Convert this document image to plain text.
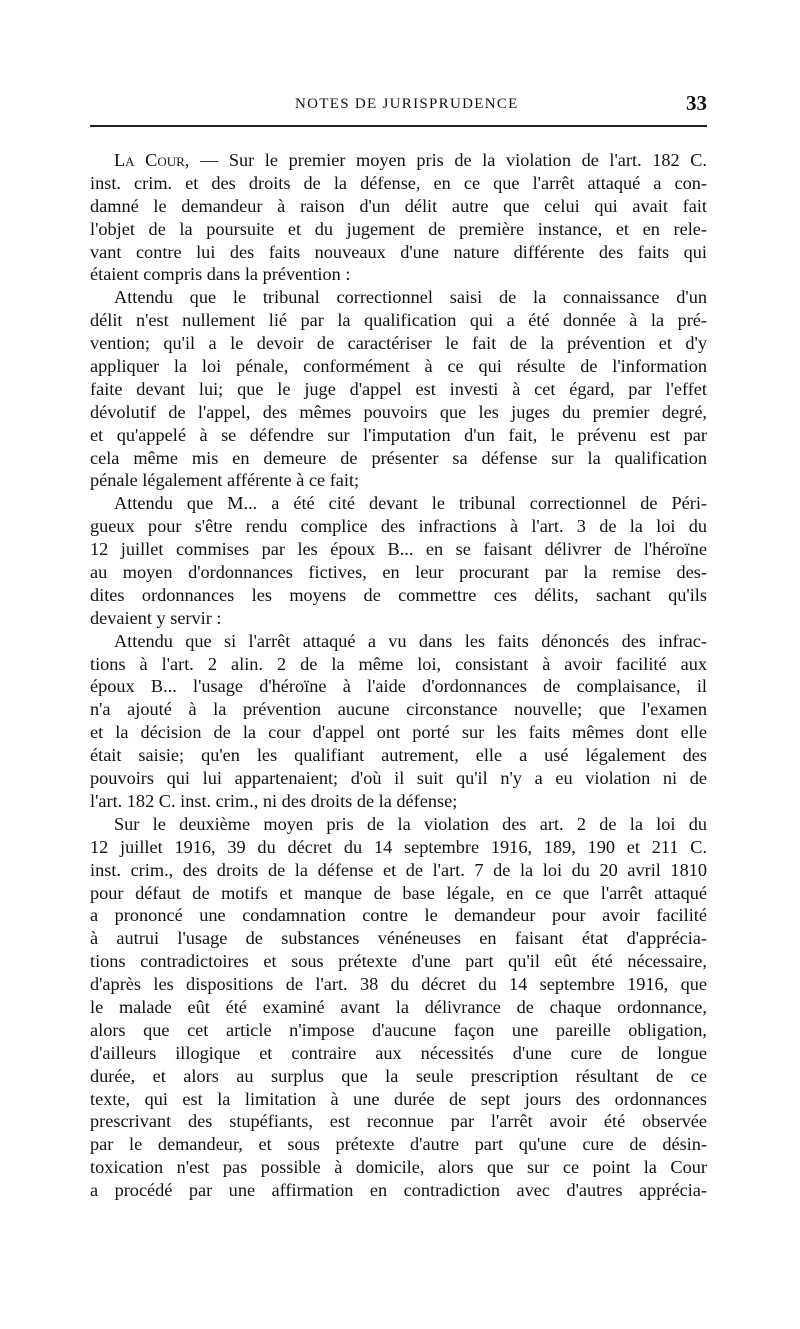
NOTES DE JURISPRUDENCE	33
La Cour, — Sur le premier moyen pris de la violation de l'art. 182 C.
inst. crim. et des droits de la défense, en ce que l'arrêt attaqué a con-
damné le demandeur à raison d'un délit autre que celui qui avait fait
l'objet de la poursuite et du jugement de première instance, et en rele-
vant contre lui des faits nouveaux d'une nature différente des faits qui
étaient compris dans la prévention :
Attendu que le tribunal correctionnel saisi de la connaissance d'un
délit n'est nullement lié par la qualification qui a été donnée à la pré-
vention; qu'il a le devoir de caractériser le fait de la prévention et d'y
appliquer la loi pénale, conformément à ce qui résulte de l'information
faite devant lui; que le juge d'appel est investi à cet égard, par l'effet
dévolutif de l'appel, des mêmes pouvoirs que les juges du premier degré,
et qu'appelé à se défendre sur l'imputation d'un fait, le prévenu est par
cela même mis en demeure de présenter sa défense sur la qualification
pénale légalement afférente à ce fait;
Attendu que M... a été cité devant le tribunal correctionnel de Péri-
gueux pour s'être rendu complice des infractions à l'art. 3 de la loi du
12 juillet commises par les époux B... en se faisant délivrer de l'héroïne
au moyen d'ordonnances fictives, en leur procurant par la remise des-
dites ordonnances les moyens de commettre ces délits, sachant qu'ils
devaient y servir :
Attendu que si l'arrêt attaqué a vu dans les faits dénoncés des infrac-
tions à l'art. 2 alin. 2 de la même loi, consistant à avoir facilité aux
époux B... l'usage d'héroïne à l'aide d'ordonnances de complaisance, il
n'a ajouté à la prévention aucune circonstance nouvelle; que l'examen
et la décision de la cour d'appel ont porté sur les faits mêmes dont elle
était saisie; qu'en les qualifiant autrement, elle a usé légalement des
pouvoirs qui lui appartenaient; d'où il suit qu'il n'y a eu violation ni de
l'art. 182 C. inst. crim., ni des droits de la défense;
Sur le deuxième moyen pris de la violation des art. 2 de la loi du
12 juillet 1916, 39 du décret du 14 septembre 1916, 189, 190 et 211 C.
inst. crim., des droits de la défense et de l'art. 7 de la loi du 20 avril 1810
pour défaut de motifs et manque de base légale, en ce que l'arrêt attaqué
a prononcé une condamnation contre le demandeur pour avoir facilité
à autrui l'usage de substances vénéneuses en faisant état d'apprécia-
tions contradictoires et sous prétexte d'une part qu'il eût été nécessaire,
d'après les dispositions de l'art. 38 du décret du 14 septembre 1916, que
le malade eût été examiné avant la délivrance de chaque ordonnance,
alors que cet article n'impose d'aucune façon une pareille obligation,
d'ailleurs illogique et contraire aux nécessités d'une cure de longue
durée, et alors au surplus que la seule prescription résultant de ce
texte, qui est la limitation à une durée de sept jours des ordonnances
prescrivant des stupéfiants, est reconnue par l'arrêt avoir été observée
par le demandeur, et sous prétexte d'autre part qu'une cure de désin-
toxication n'est pas possible à domicile, alors que sur ce point la Cour
a procédé par une affirmation en contradiction avec d'autres apprécia-
